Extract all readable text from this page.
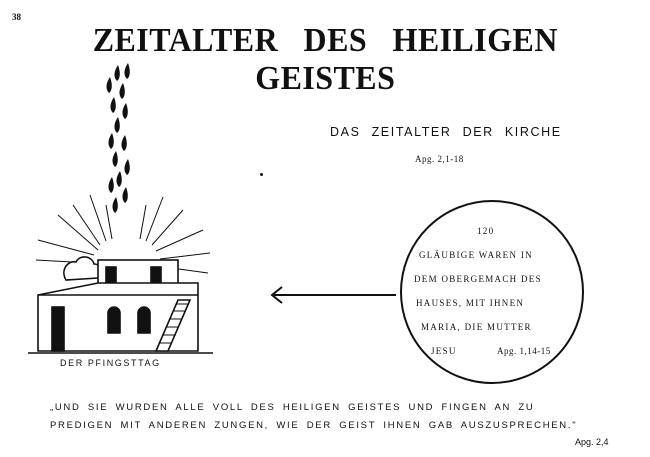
38
ZEITALTER DES HEILIGEN GEISTES
DER PFINGSTTAG
DAS ZEITALTER DER KIRCHE
Apg. 2,1-18
120
GLÄUBIGE WAREN IN
DEM OBERGEMACH DES
HAUSES, MIT IHNEN
MARIA, DIE MUTTER
JESU	Apg. 1,14-15
„UND SIE WURDEN ALLE VOLL DES HEILIGEN GEISTES UND FINGEN AN ZU
PREDIGEN MIT ANDEREN ZUNGEN, WIE DER GEIST IHNEN GAB AUSZUSPRECHEN."
Apg. 2,4
